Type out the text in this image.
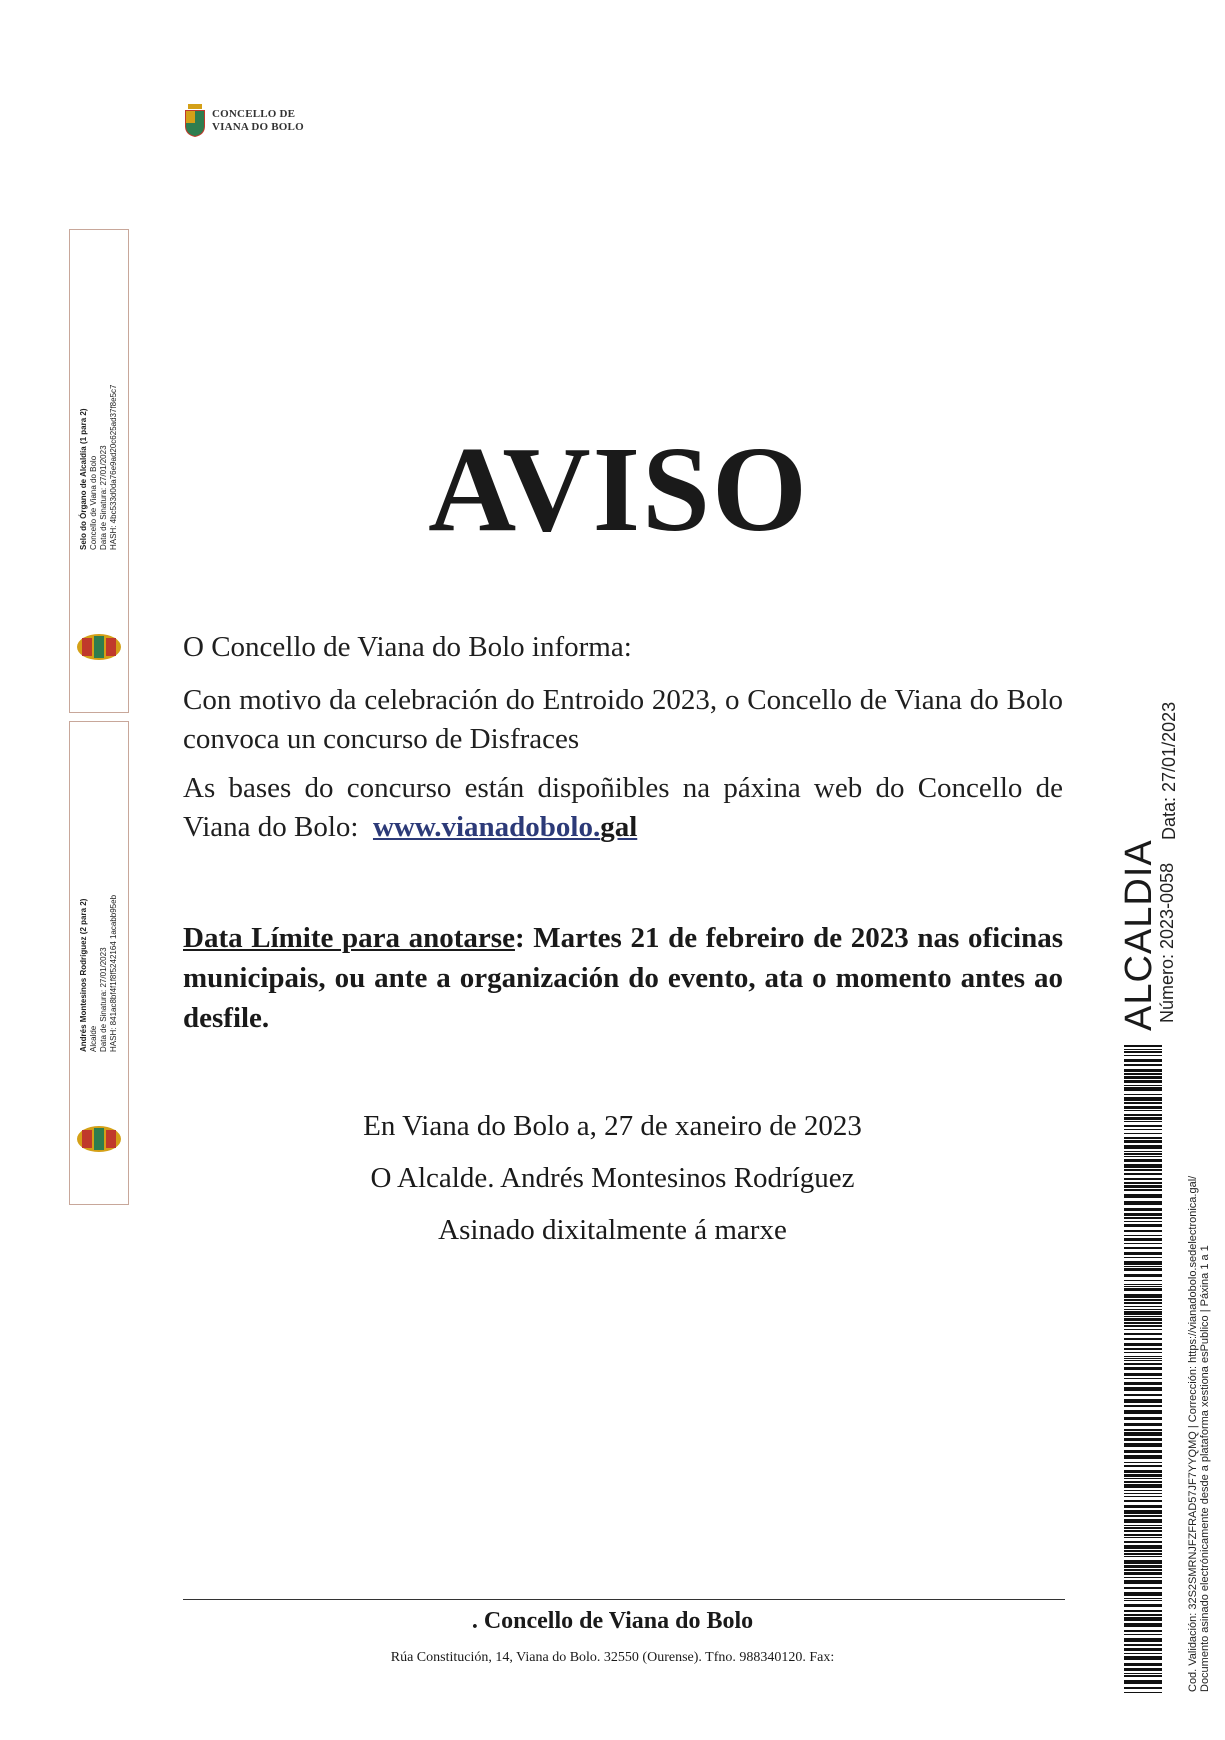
CONCELLO DE
VIANA DO BOLO
Selo do Órgano de Alcaldía (1 para 2) Concello de Viana do Bolo Data de Sinatura: 27/01/2023 HASH: 4bc533d0da76e9ad20c625ad37f8e5c7
Andrés Montesinos Rodríguez (2 para 2) Alcalde Data de Sinatura: 27/01/2023 HASH: 841ac8bf4f1f8f5242164 1acabb95eb
AVISO

O Concello de Viana do Bolo informa:

Con motivo da celebración do Entroido 2023, o Concello de Viana do Bolo convoca un concurso de Disfraces

As bases do concurso están dispoñibles na páxina web do Concello de Viana do Bolo: www.vianadobolo.gal

Data Límite para anotarse: Martes 21 de febreiro de 2023 nas oficinas municipais, ou ante a organización do evento, ata o momento antes ao desfile.
En Viana do Bolo a, 27 de xaneiro de 2023
O Alcalde. Andrés Montesinos Rodríguez
Asinado dixitalmente á marxe
. Concello de Viana do Bolo
Rúa Constitución, 14, Viana do Bolo. 32550 (Ourense). Tfno. 988340120. Fax:
ALCALDIA
Número: 2023-0058
Data: 27/01/2023
Cod. Validación: 32S2SMRNJFZFRAD57JF7YYQMQ | Corrección: https://vianadobolo.sedelectronica.gal/ Documento asinado electrónicamente desde a plataforma xestiona esPublico | Páxina 1 a 1
